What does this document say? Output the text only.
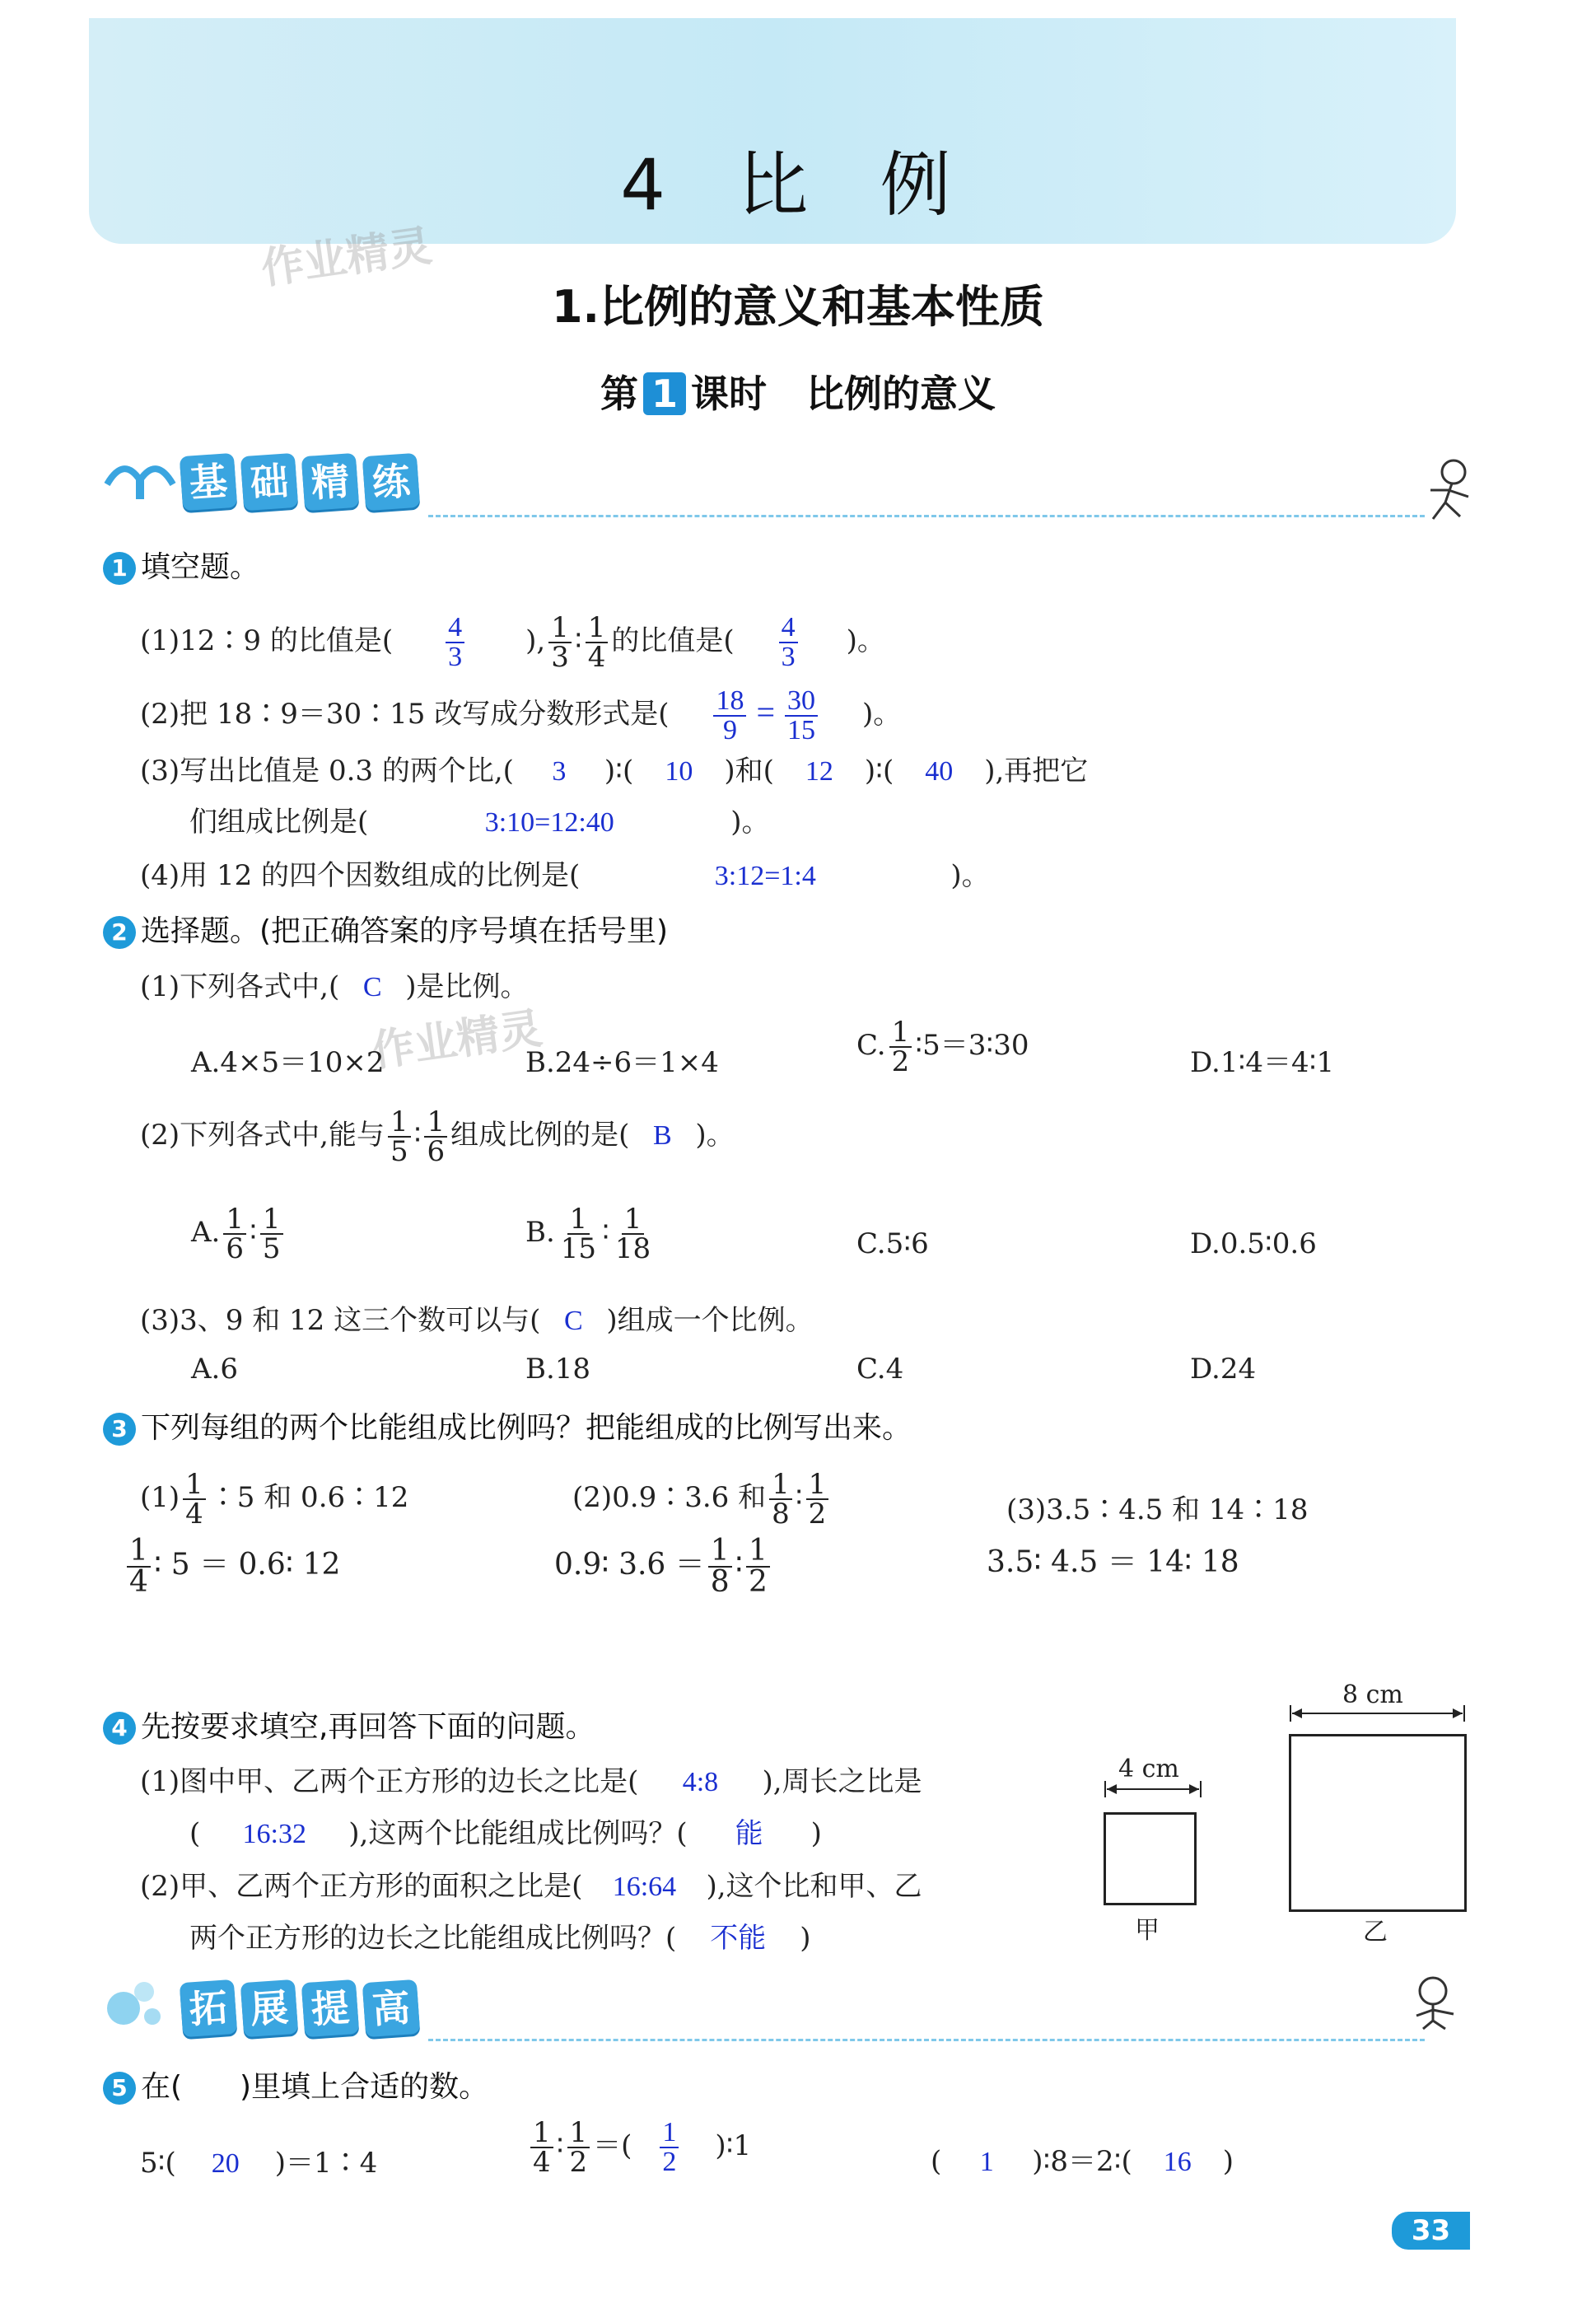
4 比 例
作业精灵
作业精灵
1.比例的意义和基本性质
第 1 课时 比例的意义
基 础 精 练
1 填空题。
(1)12∶9 的比值是( $\frac{4}{3}$ ), $\frac{1}{3}$ ∶ $\frac{1}{4}$ 的比值是( $\frac{4}{3}$ )。
(2)把 18∶9＝30∶15 改写成分数形式是( $\frac{18}{9} = \frac{30}{15}$ )。
(3)写出比值是 0.3 的两个比,( 3 )∶( 10 )和( 12 )∶( 40 ),再把它
们组成比例是(	3:10=12:40	)。
(4)用 12 的四个因数组成的比例是(	3:12=1:4	)。
2 选择题。(把正确答案的序号填在括号里)
(1)下列各式中,( C )是比例。
A.4×5＝10×2	B.24÷6＝1×4
C. $\frac{1}{2}$ ∶5＝3∶30
D.1∶4＝4∶1
(2)下列各式中,能与 $\frac{1}{5}$ ∶ $\frac{1}{6}$ 组成比例的是( B )。
A. $\frac{1}{6}$ ∶ $\frac{1}{5}$	B. $\frac{1}{15}$ ∶ $\frac{1}{18}$	C.5∶6	D.0.5∶0.6
(3)3、9 和 12 这三个数可以与( C )组成一个比例。
A.6	B.18	C.4	D.24
3 下列每组的两个比能组成比例吗？把能组成的比例写出来。
$(1) \frac{1}{4}$ ∶5 和 0.6∶12
$\frac{1}{4}$ ∶ 5 ＝ 0.6∶ 12
(2)0.9∶3.6 和 $\frac{1}{8}$ ∶ $\frac{1}{2}$
0.9∶ $3.6 = \frac{1}{8}$ ∶ $\frac{1}{2}$
(3)3.5∶4.5 和 14∶18
3.5∶ 4.5 ＝ 14∶ 18
4 先按要求填空,再回答下面的问题。
(1)图中甲、乙两个正方形的边长之比是( 4:8 ),周长之比是
( 16:32 ),这两个比能组成比例吗？( 能 )
(2)甲、乙两个正方形的面积之比是( 16:64 ),这个比和甲、乙
两个正方形的边长之比能组成比例吗？( 不能 )
4 cm
甲
8 cm
乙
拓 展 提 高
5 在( )里填上合适的数。
5∶( 20 )＝1∶4	$\frac{1}{4}$ ∶ $\frac{1}{2}$ ＝( $\frac{1}{2}$ )∶1	( 1 )∶8＝2∶( 16 )
33
